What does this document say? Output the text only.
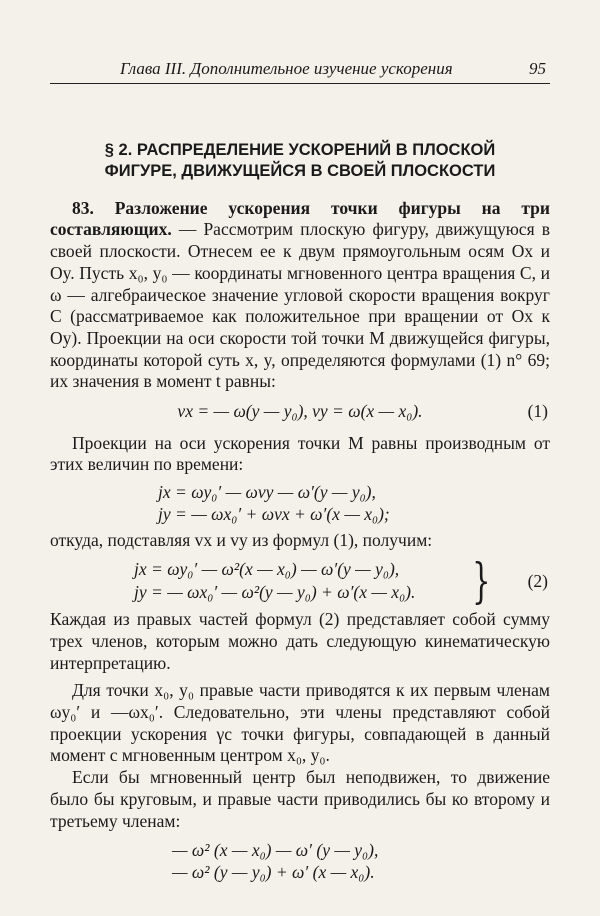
Глава III. Дополнительное изучение ускорения	95
§ 2. РАСПРЕДЕЛЕНИЕ УСКОРЕНИЙ В ПЛОСКОЙ
ФИГУРЕ, ДВИЖУЩЕЙСЯ В СВОЕЙ ПЛОСКОСТИ

83. Разложение ускорения точки фигуры на три составляющих. — Рассмотрим плоскую фигуру, движущуюся в своей плоскости. Отнесем ее к двум прямоугольным осям Ox и Oy. Пусть x₀, y₀ — координаты мгновенного центра вращения C, и ω — алгебраическое значение угловой скорости вращения вокруг C (рассматриваемое как положительное при вращении от Ox к Oy). Проекции на оси скорости той точки M движущейся фигуры, координаты которой суть x, y, определяются формулами (1) n° 69; их значения в момент t равны:

vx = — ω(y — y₀), vy = ω(x — x₀).	(1)

Проекции на оси ускорения точки M равны производным от этих величин по времени:

jx = ωy₀′ — ωvy — ω′(y — y₀),
jy = — ωx₀′ + ωvx + ω′(x — x₀);

откуда, подставляя vx и vy из формул (1), получим:

jx = ωy₀′ — ω²(x — x₀) — ω′(y — y₀),
jy = — ωx₀′ — ω²(y — y₀) + ω′(x — x₀). } (2)

Каждая из правых частей формул (2) представляет собой сумму трех членов, которым можно дать следующую кинематическую интерпретацию.

Для точки x₀, y₀ правые части приводятся к их первым членам ωy₀′ и —ωx₀′. Следовательно, эти члены представляют собой проекции ускорения γc точки фигуры, совпадающей в данный момент с мгновенным центром x₀, y₀.

Если бы мгновенный центр был неподвижен, то движение было бы круговым, и правые части приводились бы ко второму и третьему членам:

— ω² (x — x₀) — ω′ (y — y₀),
— ω² (y — y₀) + ω′ (x — x₀).
